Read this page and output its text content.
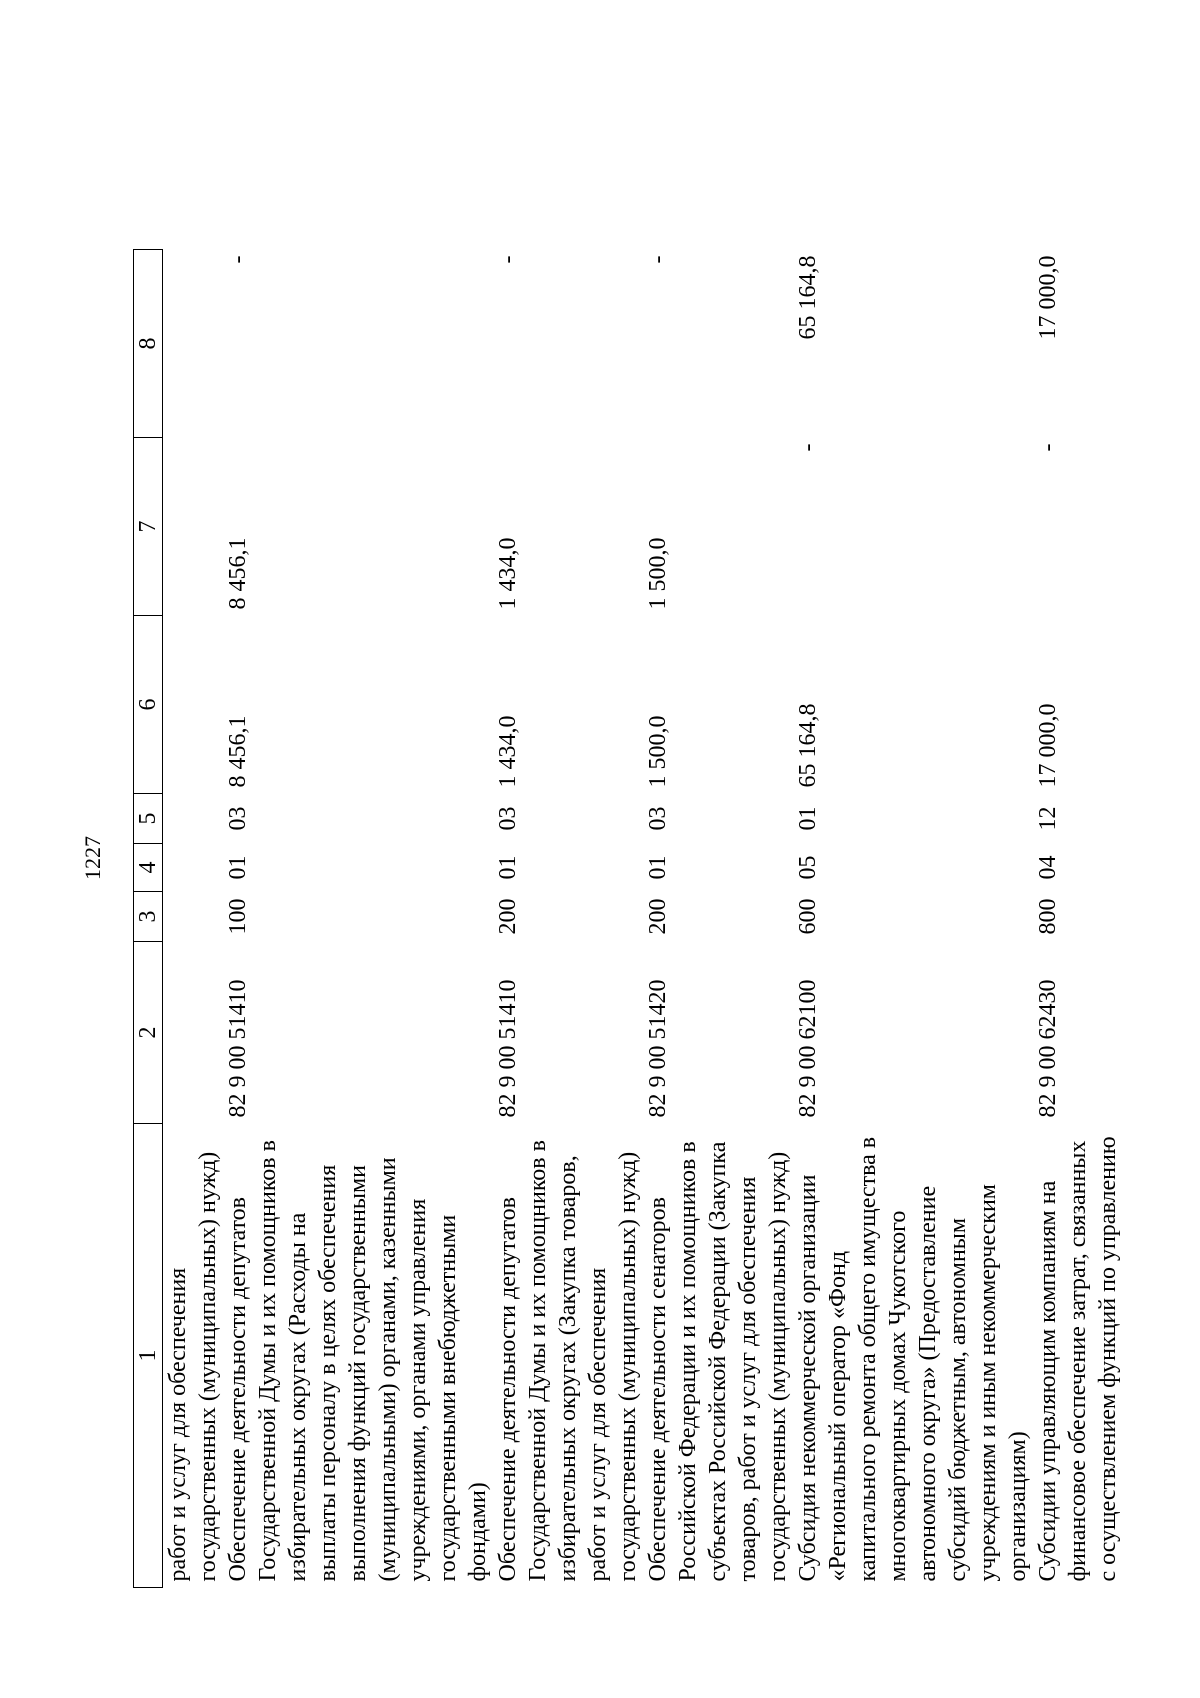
1227
1	2	3	4	5	6	7	8
работ и услуг для обеспечения государственных (муниципальных) нужд)							
Обеспечение деятельности депутатов Государственной Думы и их помощников в избирательных округах (Расходы на выплаты персоналу в целях обеспечения выполнения функций государственными (муниципальными) органами, казенными учреждениями, органами управления государственными внебюджетными фондами)	82 9 00 51410	100	01	03	8 456,1	8 456,1	-
Обеспечение деятельности депутатов Государственной Думы и их помощников в избирательных округах (Закупка товаров, работ и услуг для обеспечения государственных (муниципальных) нужд)	82 9 00 51410	200	01	03	1 434,0	1 434,0	-
Обеспечение деятельности сенаторов Российской Федерации и их помощников в субъектах Российской Федерации (Закупка товаров, работ и услуг для обеспечения государственных (муниципальных) нужд)	82 9 00 51420	200	01	03	1 500,0	1 500,0	-
Субсидия некоммерческой организации «Региональный оператор «Фонд капитального ремонта общего имущества в многоквартирных домах Чукотского автономного округа» (Предоставление субсидий бюджетным, автономным учреждениям и иным некоммерческим организациям)	82 9 00 62100	600	05	01	65 164,8	-	65 164,8
Субсидии управляющим компаниям на финансовое обеспечение затрат, связанных с осуществлением функций по управлению	82 9 00 62430	800	04	12	17 000,0	-	17 000,0
